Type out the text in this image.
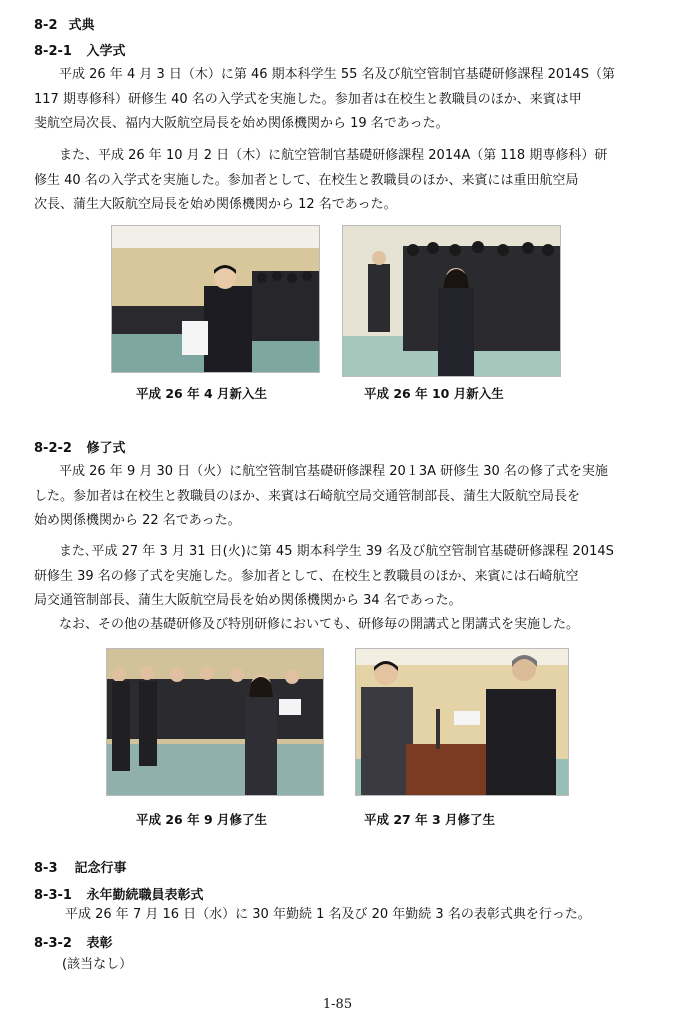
8-2 式典
8-2-1 入学式
平成 26 年 4 月 3 日（木）に第 46 期本科学生 55 名及び航空管制官基礎研修課程 2014S（第
117 期専修科）研修生 40 名の入学式を実施した。参加者は在校生と教職員のほか、来賓は甲
斐航空局次長、福内大阪航空局長を始め関係機関から 19 名であった。
また、平成 26 年 10 月 2 日（木）に航空管制官基礎研修課程 2014A（第 118 期専修科）研
修生 40 名の入学式を実施した。参加者として、在校生と教職員のほか、来賓には重田航空局
次長、蒲生大阪航空局長を始め関係機関から 12 名であった。
平成 26 年 4 月新入生	平成 26 年 10 月新入生
8-2-2 修了式
平成 26 年 9 月 30 日（火）に航空管制官基礎研修課程 20１3A 研修生 30 名の修了式を実施
した。参加者は在校生と教職員のほか、来賓は石崎航空局交通管制部長、蒲生大阪航空局長を
始め関係機関から 22 名であった。
また､平成 27 年 3 月 31 日(火)に第 45 期本科学生 39 名及び航空管制官基礎研修課程 2014S
研修生 39 名の修了式を実施した。参加者として、在校生と教職員のほか、来賓には石崎航空
局交通管制部長、蒲生大阪航空局長を始め関係機関から 34 名であった。
なお、その他の基礎研修及び特別研修においても、研修毎の開講式と閉講式を実施した。
平成 26 年 9 月修了生	平成 27 年 3 月修了生
8-3 記念行事
8-3-1 永年勤続職員表彰式
平成 26 年 7 月 16 日（水）に 30 年勤続 1 名及び 20 年勤続 3 名の表彰式典を行った。
8-3-2 表彰
(該当なし）
1-85
